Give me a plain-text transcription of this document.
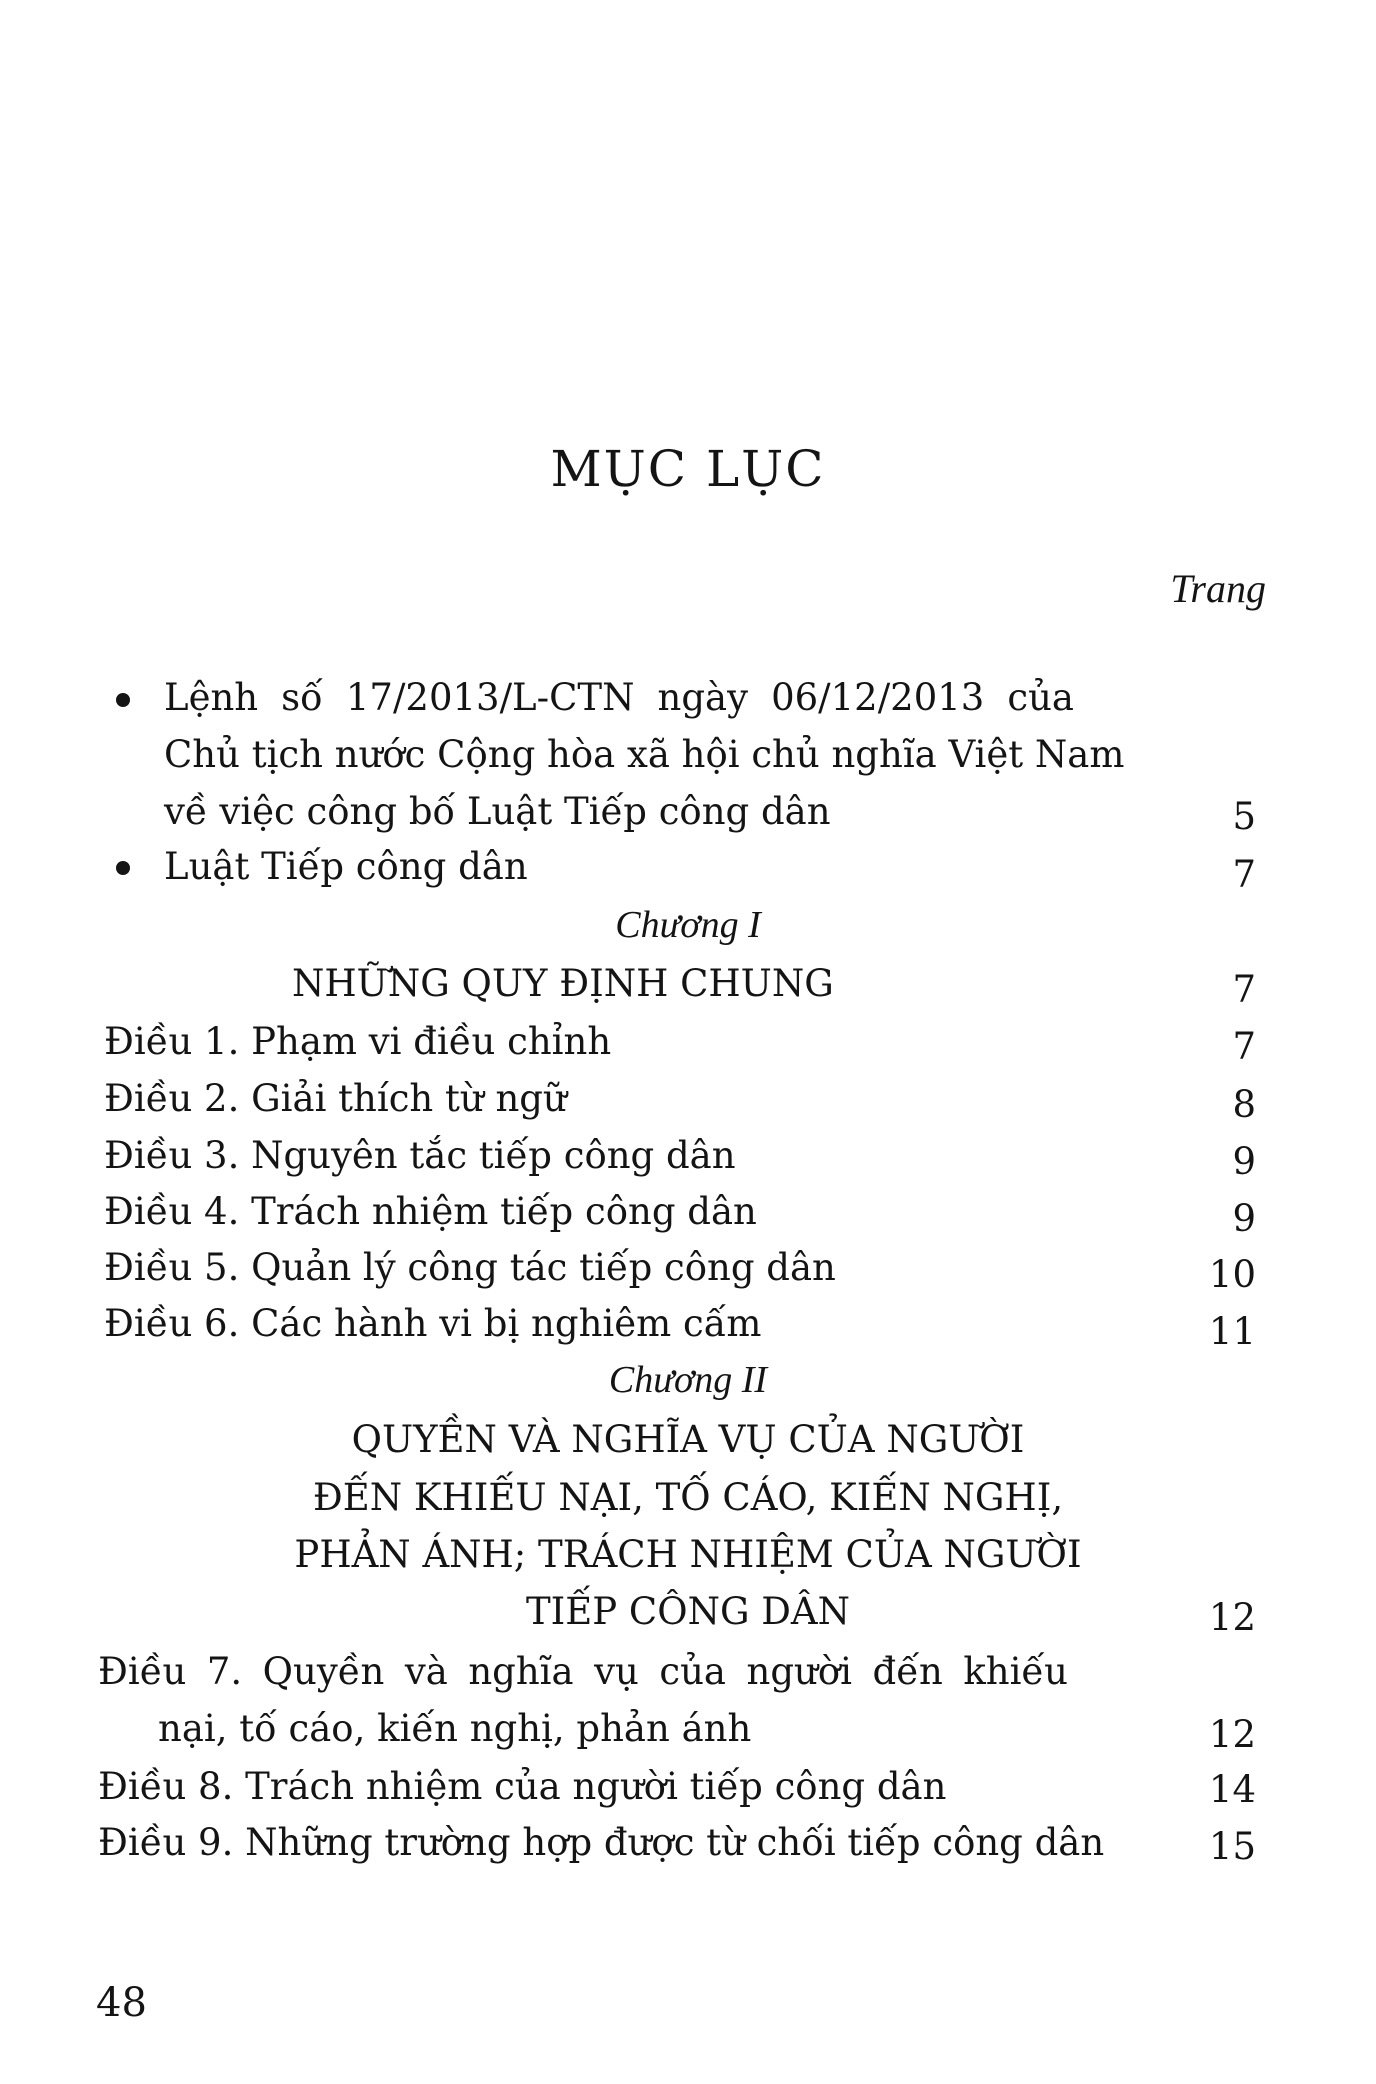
MỤC LỤC
Trang
Lệnh số 17/2013/L-CTN ngày 06/12/2013 của
Chủ tịch nước Cộng hòa xã hội chủ nghĩa Việt Nam
về việc công bố Luật Tiếp công dân	5
Luật Tiếp công dân	7
Chương I
NHỮNG QUY ĐỊNH CHUNG	7
Điều 1. Phạm vi điều chỉnh	7
Điều 2. Giải thích từ ngữ	8
Điều 3. Nguyên tắc tiếp công dân	9
Điều 4. Trách nhiệm tiếp công dân	9
Điều 5. Quản lý công tác tiếp công dân	10
Điều 6. Các hành vi bị nghiêm cấm	11
Chương II
QUYỀN VÀ NGHĨA VỤ CỦA NGƯỜI
ĐẾN KHIẾU NẠI, TỐ CÁO, KIẾN NGHỊ,
PHẢN ÁNH; TRÁCH NHIỆM CỦA NGƯỜI
TIẾP CÔNG DÂN	12
Điều 7. Quyền và nghĩa vụ của người đến khiếu
nại, tố cáo, kiến nghị, phản ánh	12
Điều 8. Trách nhiệm của người tiếp công dân	14
Điều 9. Những trường hợp được từ chối tiếp công dân	15
48
